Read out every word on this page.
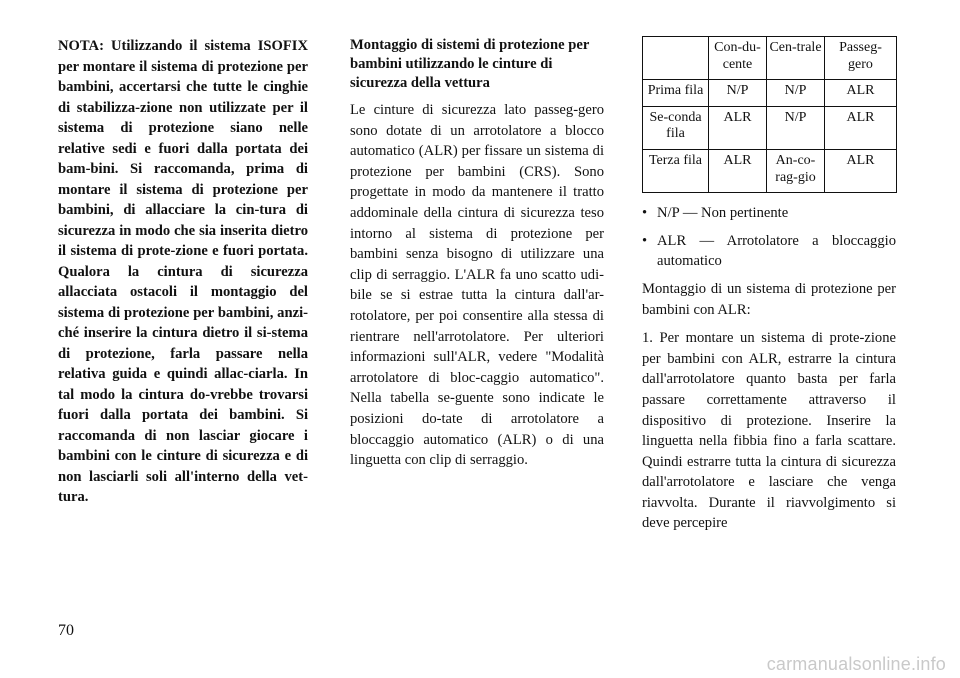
NOTA: Utilizzando il sistema ISOFIX per montare il sistema di protezione per bambini, accertarsi che tutte le cinghie di stabilizza-zione non utilizzate per il sistema di protezione siano nelle relative sedi e fuori dalla portata dei bam-bini. Si raccomanda, prima di montare il sistema di protezione per bambini, di allacciare la cin-tura di sicurezza in modo che sia inserita dietro il sistema di prote-zione e fuori portata. Qualora la cintura di sicurezza allacciata ostacoli il montaggio del sistema di protezione per bambini, anzi-ché inserire la cintura dietro il si-stema di protezione, farla passare nella relativa guida e quindi allac-ciarla. In tal modo la cintura do-vrebbe trovarsi fuori dalla portata dei bambini. Si raccomanda di non lasciar giocare i bambini con le cinture di sicurezza e di non lasciarli soli all'interno della vet-tura.

Montaggio di sistemi di protezione per bambini utilizzando le cinture di sicurezza della vettura

Le cinture di sicurezza lato passeg-gero sono dotate di un arrotolatore a blocco automatico (ALR) per fissare un sistema di protezione per bambini (CRS). Sono progettate in modo da mantenere il tratto addominale della cintura di sicurezza teso intorno al sistema di protezione per bambini senza bisogno di utilizzare una clip di serraggio. L'ALR fa uno scatto udi-bile se si estrae tutta la cintura dall'ar-rotolatore, per poi consentire alla stessa di rientrare nell'arrotolatore. Per ulteriori informazioni sull'ALR, vedere "Modalità arrotolatore di bloc-caggio automatico". Nella tabella se-guente sono indicate le posizioni do-tate di arrotolatore a bloccaggio automatico (ALR) o di una linguetta con clip di serraggio.

	Con-du-cente	Cen-trale	Passeg-gero
Prima fila	N/P	N/P	ALR
Se-conda fila	ALR	N/P	ALR
Terza fila	ALR	An-co-rag-gio	ALR
• N/P — Non pertinente
• ALR — Arrotolatore a bloccaggio automatico

Montaggio di un sistema di protezione per bambini con ALR:

1. Per montare un sistema di prote-zione per bambini con ALR, estrarre la cintura dall'arrotolatore quanto basta per farla passare correttamente attraverso il dispositivo di protezione. Inserire la linguetta nella fibbia fino a farla scattare. Quindi estrarre tutta la cintura di sicurezza dall'arrotolatore e lasciare che venga riavvolta. Durante il riavvolgimento si deve percepire

70
carmanualsonline.info
